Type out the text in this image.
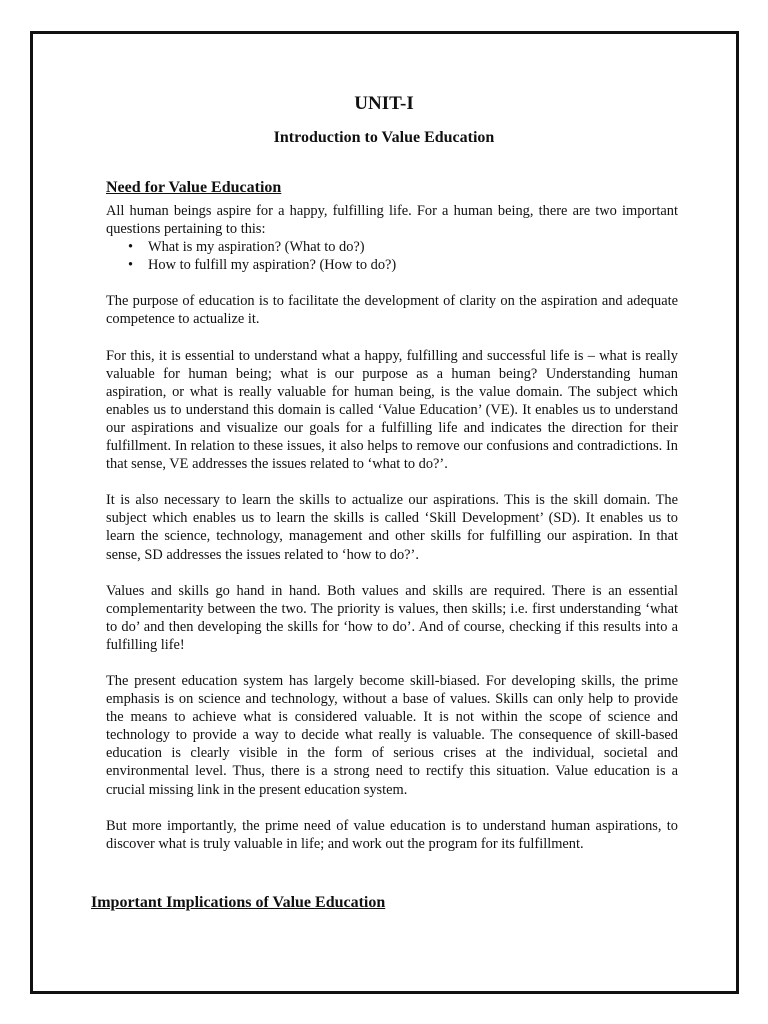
UNIT-I
Introduction to Value Education
Need for Value Education

All human beings aspire for a happy, fulfilling life. For a human being, there are two important questions pertaining to this:

• What is my aspiration? (What to do?)
• How to fulfill my aspiration? (How to do?)

The purpose of education is to facilitate the development of clarity on the aspiration and adequate competence to actualize it.

For this, it is essential to understand what a happy, fulfilling and successful life is – what is really valuable for human being; what is our purpose as a human being? Understanding human aspiration, or what is really valuable for human being, is the value domain. The subject which enables us to understand this domain is called ‘Value Education’ (VE). It enables us to understand our aspirations and visualize our goals for a fulfilling life and indicates the direction for their fulfillment. In relation to these issues, it also helps to remove our confusions and contradictions. In that sense, VE addresses the issues related to ‘what to do?’.

It is also necessary to learn the skills to actualize our aspirations. This is the skill domain. The subject which enables us to learn the skills is called ‘Skill Development’ (SD). It enables us to learn the science, technology, management and other skills for fulfilling our aspiration. In that sense, SD addresses the issues related to ‘how to do?’.

Values and skills go hand in hand. Both values and skills are required. There is an essential complementarity between the two. The priority is values, then skills; i.e. first understanding ‘what to do’ and then developing the skills for ‘how to do’. And of course, checking if this results into a fulfilling life!

The present education system has largely become skill-biased. For developing skills, the prime emphasis is on science and technology, without a base of values. Skills can only help to provide the means to achieve what is considered valuable. It is not within the scope of science and technology to provide a way to decide what really is valuable. The consequence of skill-based education is clearly visible in the form of serious crises at the individual, societal and environmental level. Thus, there is a strong need to rectify this situation. Value education is a crucial missing link in the present education system.

But more importantly, the prime need of value education is to understand human aspirations, to discover what is truly valuable in life; and work out the program for its fulfillment.

Important Implications of Value Education
